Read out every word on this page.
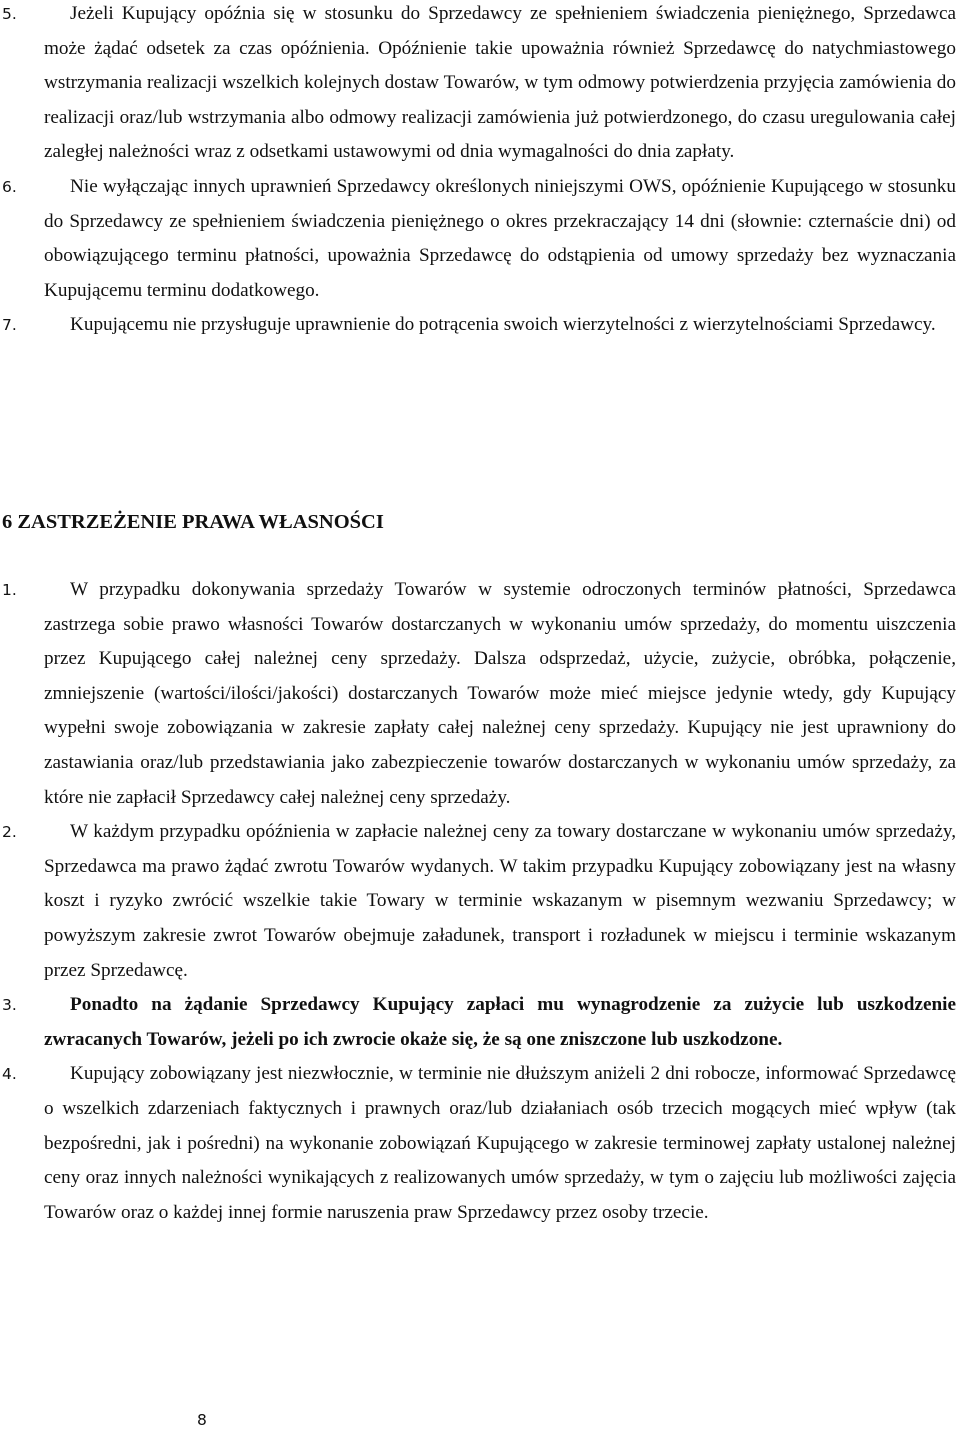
5.	Jeżeli Kupujący opóźnia się w stosunku do Sprzedawcy ze spełnieniem świadczenia pieniężnego, Sprzedawca może żądać odsetek za czas opóźnienia. Opóźnienie takie upoważnia również Sprzedawcę do natychmiastowego wstrzymania realizacji wszelkich kolejnych dostaw Towarów, w tym odmowy potwierdzenia przyjęcia zamówienia do realizacji oraz/lub wstrzymania albo odmowy realizacji zamówienia już potwierdzonego, do czasu uregulowania całej zaległej należności wraz z odsetkami ustawowymi od dnia wymagalności do dnia zapłaty.
6.	Nie wyłączając innych uprawnień Sprzedawcy określonych niniejszymi OWS, opóźnienie Kupującego w stosunku do Sprzedawcy ze spełnieniem świadczenia pieniężnego o okres przekraczający 14 dni (słownie: czternaście dni) od obowiązującego terminu płatności, upoważnia Sprzedawcę do odstąpienia od umowy sprzedaży bez wyznaczania Kupującemu terminu dodatkowego.
7.	Kupującemu nie przysługuje uprawnienie do potrącenia swoich wierzytelności z wierzytelnościami Sprzedawcy.
6 ZASTRZEŻENIE PRAWA WŁASNOŚCI
1.	W przypadku dokonywania sprzedaży Towarów w systemie odroczonych terminów płatności, Sprzedawca zastrzega sobie prawo własności Towarów dostarczanych w wykonaniu umów sprzedaży, do momentu uiszczenia przez Kupującego całej należnej ceny sprzedaży. Dalsza odsprzedaż, użycie, zużycie, obróbka, połączenie, zmniejszenie (wartości/ilości/jakości) dostarczanych Towarów może mieć miejsce jedynie wtedy, gdy Kupujący wypełni swoje zobowiązania w zakresie zapłaty całej należnej ceny sprzedaży. Kupujący nie jest uprawniony do zastawiania oraz/lub przedstawiania jako zabezpieczenie towarów dostarczanych w wykonaniu umów sprzedaży, za które nie zapłacił Sprzedawcy całej należnej ceny sprzedaży.
2.	W każdym przypadku opóźnienia w zapłacie należnej ceny za towary dostarczane w wykonaniu umów sprzedaży, Sprzedawca ma prawo żądać zwrotu Towarów wydanych. W takim przypadku Kupujący zobowiązany jest na własny koszt i ryzyko zwrócić wszelkie takie Towary w terminie wskazanym w pisemnym wezwaniu Sprzedawcy; w powyższym zakresie zwrot Towarów obejmuje załadunek, transport i rozładunek w miejscu i terminie wskazanym przez Sprzedawcę.
3.	Ponadto na żądanie Sprzedawcy Kupujący zapłaci mu wynagrodzenie za zużycie lub uszkodzenie zwracanych Towarów, jeżeli po ich zwrocie okaże się, że są one zniszczone lub uszkodzone.
4.	Kupujący zobowiązany jest niezwłocznie, w terminie nie dłuższym aniżeli 2 dni robocze, informować Sprzedawcę o wszelkich zdarzeniach faktycznych i prawnych oraz/lub działaniach osób trzecich mogących mieć wpływ (tak bezpośredni, jak i pośredni) na wykonanie zobowiązań Kupującego w zakresie terminowej zapłaty ustalonej należnej ceny oraz innych należności wynikających z realizowanych umów sprzedaży, w tym o zajęciu lub możliwości zajęcia Towarów oraz o każdej innej formie naruszenia praw Sprzedawcy przez osoby trzecie.
8
